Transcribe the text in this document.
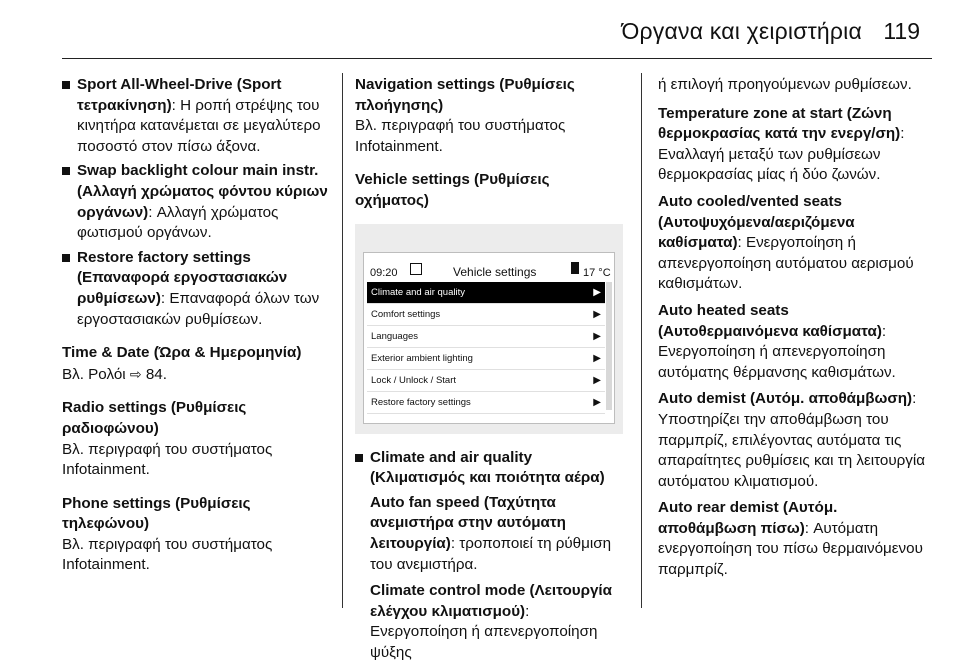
Όργανα και χειριστήρια 119
Sport All-Wheel-Drive (Sport τετρακίνηση): Η ροπή στρέψης του κινητήρα κατανέμεται σε μεγαλύτερο ποσοστό στον πίσω άξονα.
Swap backlight colour main instr. (Αλλαγή χρώματος φόντου κύριων οργάνων): Αλλαγή χρώματος φωτισμού οργάνων.
Restore factory settings (Επαναφορά εργοστασιακών ρυθμίσεων): Επαναφορά όλων των εργοστασιακών ρυθμίσεων.
Time & Date (Ώρα & Ημερομηνία)
Βλ. Ρολόι ⇨ 84.
Radio settings (Ρυθμίσεις ραδιοφώνου)
Βλ. περιγραφή του συστήματος Infotainment.
Phone settings (Ρυθμίσεις τηλεφώνου)
Βλ. περιγραφή του συστήματος Infotainment.
Navigation settings (Ρυθμίσεις πλοήγησης)
Βλ. περιγραφή του συστήματος Infotainment.
Vehicle settings (Ρυθμίσεις οχήματος)
09:20	Vehicle settings	17 °C
Climate and air quality	▶
Comfort settings	▶
Languages	▶
Exterior ambient lighting	▶
Lock / Unlock / Start	▶
Restore factory settings	▶
Climate and air quality (Κλιματισμός και ποιότητα αέρα)
Auto fan speed (Ταχύτητα ανεμιστήρα στην αυτόματη λειτουργία): τροποποιεί τη ρύθμιση του ανεμιστήρα.
Climate control mode (Λειτουργία ελέγχου κλιματισμού): Ενεργοποίηση ή απενεργοποίηση ψύξης
ή επιλογή προηγούμενων ρυθμίσεων.
Temperature zone at start (Ζώνη θερμοκρασίας κατά την ενεργ/ση): Εναλλαγή μεταξύ των ρυθμίσεων θερμοκρασίας μίας ή δύο ζωνών.
Auto cooled/vented seats (Αυτοψυχόμενα/αεριζόμενα καθίσματα): Ενεργοποίηση ή απενεργοποίηση αυτόματου αερισμού καθισμάτων.
Auto heated seats (Αυτοθερμαινόμενα καθίσματα): Ενεργοποίηση ή απενεργοποίηση αυτόματης θέρμανσης καθισμάτων.
Auto demist (Αυτόμ. αποθάμβωση): Υποστηρίζει την αποθάμβωση του παρμπρίζ, επιλέγοντας αυτόματα τις απαραίτητες ρυθμίσεις και τη λειτουργία αυτόματου κλιματισμού.
Auto rear demist (Αυτόμ. αποθάμβωση πίσω): Αυτόματη ενεργοποίηση του πίσω θερμαινόμενου παρμπρίζ.
